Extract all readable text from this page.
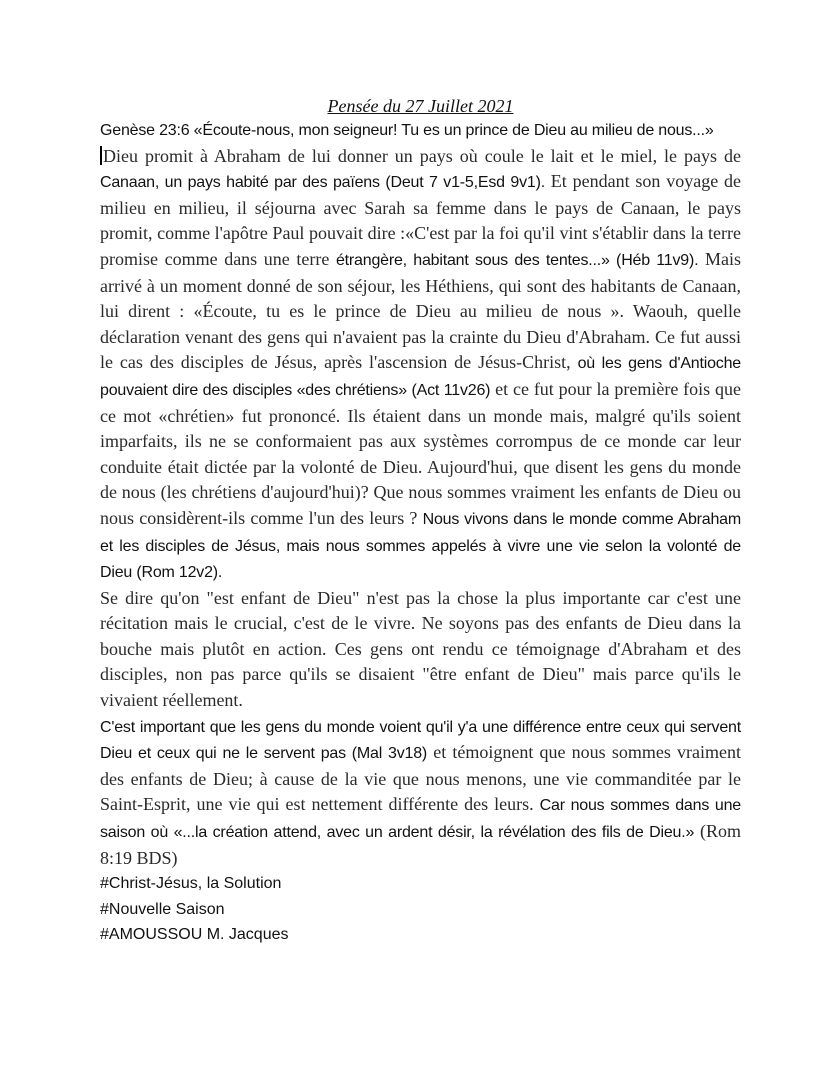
Pensée du 27 Juillet 2021

Genèse 23:6 «Écoute-nous, mon seigneur! Tu es un prince de Dieu au milieu de nous...»

Dieu promit à Abraham de lui donner un pays où coule le lait et le miel, le pays de Canaan, un pays habité par des païens (Deut 7 v1-5,Esd 9v1). Et pendant son voyage de milieu en milieu, il séjourna avec Sarah sa femme dans le pays de Canaan, le pays promit, comme l'apôtre Paul pouvait dire :«C'est par la foi qu'il vint s'établir dans la terre promise comme dans une terre étrangère, habitant sous des tentes...» (Héb 11v9). Mais arrivé à un moment donné de son séjour, les Héthiens, qui sont des habitants de Canaan, lui dirent : «Écoute, tu es le prince de Dieu au milieu de nous ». Waouh, quelle déclaration venant des gens qui n'avaient pas la crainte du Dieu d'Abraham. Ce fut aussi le cas des disciples de Jésus, après l'ascension de Jésus-Christ, où les gens d'Antioche pouvaient dire des disciples «des chrétiens» (Act 11v26) et ce fut pour la première fois que ce mot «chrétien» fut prononcé. Ils étaient dans un monde mais, malgré qu'ils soient imparfaits, ils ne se conformaient pas aux systèmes corrompus de ce monde car leur conduite était dictée par la volonté de Dieu. Aujourd'hui, que disent les gens du monde de nous (les chrétiens d'aujourd'hui)? Que nous sommes vraiment les enfants de Dieu ou nous considèrent-ils comme l'un des leurs ? Nous vivons dans le monde comme Abraham et les disciples de Jésus, mais nous sommes appelés à vivre une vie selon la volonté de Dieu (Rom 12v2).

Se dire qu'on "est enfant de Dieu" n'est pas la chose la plus importante car c'est une récitation mais le crucial, c'est de le vivre. Ne soyons pas des enfants de Dieu dans la bouche mais plutôt en action. Ces gens ont rendu ce témoignage d'Abraham et des disciples, non pas parce qu'ils se disaient "être enfant de Dieu" mais parce qu'ils le vivaient réellement.

C'est important que les gens du monde voient qu'il y'a une différence entre ceux qui servent Dieu et ceux qui ne le servent pas (Mal 3v18) et témoignent que nous sommes vraiment des enfants de Dieu; à cause de la vie que nous menons, une vie commanditée par le Saint-Esprit, une vie qui est nettement différente des leurs. Car nous sommes dans une saison où «...la création attend, avec un ardent désir, la révélation des fils de Dieu.» (Rom 8:19 BDS)

#Christ-Jésus, la Solution

#Nouvelle Saison

#AMOUSSOU M. Jacques
